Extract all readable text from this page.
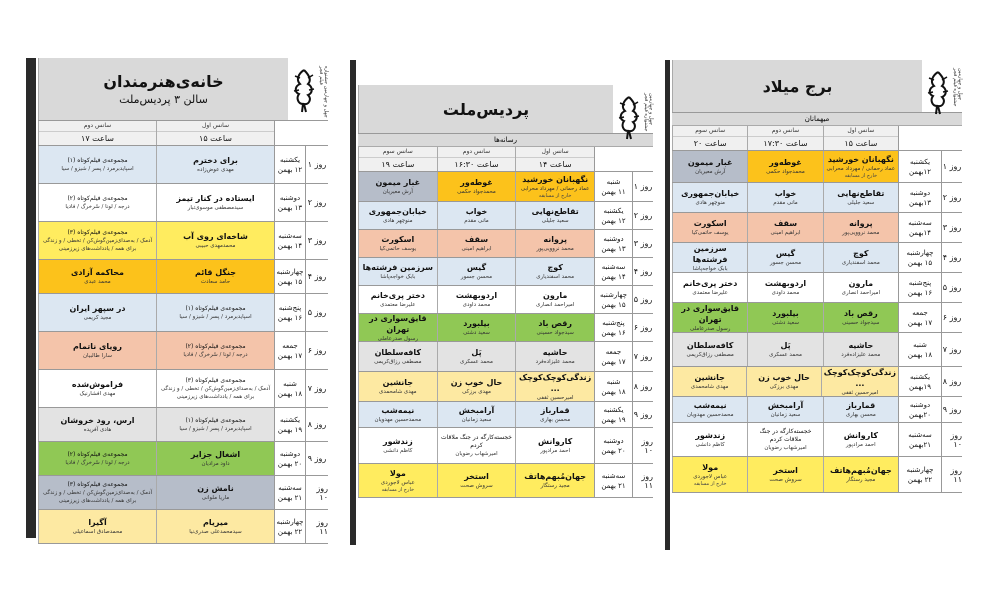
چهل و چهارمین جشنواره فیلم فجر
خانه‌ی‌هنرمندان
سالن ۳ پردیس‌ملت
سانس اول
ساعت ۱۵
سانس دوم
ساعت ۱۷
روز ۱
یکشنبه
۱۲ بهمن
برای دخترم
مهدی عوض‌زاده
مجموعه‌ی فیلم‌کوتاه (۱)
اسپاید‌برمرد / پسر / شیزو / سیا
روز ۲
دوشنبه
۱۳ بهمن
ایستاده در کنار تیمز
سیدمصطفی موسوی‌تبار
مجموعه‌ی فیلم‌کوتاه (۲)
درجه / لونا / سُرخرگ / فادیا
روز ۳
سه‌شنبه
۱۴ بهمن
شاخه‌ای روی آب
محمدمهدی حبیبی
مجموعه‌ی فیلم‌کوتاه (۳)
آدمک / به‌صدای‌زمین‌گوش‌کن / تخطی / و زندگی برای همه / یادداشت‌های زیرزمینی
روز ۴
چهارشنبه
۱۵ بهمن
جنگل قائم
حامد سعادت
محاکمه آزادی
محمد عبدی
روز ۵
پنج‌شنبه
۱۶ بهمن
مجموعه‌ی فیلم‌کوتاه (۱)
اسپاید‌برمرد / پسر / شیزو / سیا
در سپهر ایران
مجید کریمی
روز ۶
جمعه
۱۷ بهمن
مجموعه‌ی فیلم‌کوتاه (۲)
درجه / لونا / سُرخرگ / فادیا
رویای ناتمام
سارا طالبیان
روز ۷
شنبه
۱۸ بهمن
مجموعه‌ی فیلم‌کوتاه (۳)
آدمک / به‌صدای‌زمین‌گوش‌کن / تخطی / و زندگی برای همه / یادداشت‌های زیرزمینی
فراموش‌شده
مهدی افشارنیک
روز ۸
یکشنبه
۱۹ بهمن
مجموعه‌ی فیلم‌کوتاه (۱)
اسپاید‌برمرد / پسر / شیزو / سیا
ارس، رود خروشان
هادی آفریده
روز ۹
دوشنبه
۲۰ بهمن
اشغال جزایر
داود مرادیان
مجموعه‌ی فیلم‌کوتاه (۲)
درجه / لونا / سُرخرگ / فادیا
روز ۱۰
سه‌شنبه
۲۱ بهمن
نامش زن
ماریا ملوانی
مجموعه‌ی فیلم‌کوتاه (۳)
آدمک / به‌صدای‌زمین‌گوش‌کن / تخطی / و زندگی برای همه / یادداشت‌های زیرزمینی
روز ۱۱
چهارشنبه
۲۲ بهمن
میریام
سیدمحمدعلی صدری‌نیا
آگیرا
محمدصادق اسماعیلی
چهل و چهارمین جشنواره فیلم فجر
پردیس‌ملت
رسانه‌ها
سانس اول
ساعت ۱۴
سانس دوم
ساعت ۱۶:۳۰
سانس سوم
ساعت ۱۹
روز ۱
شنبه
۱۱ بهمن
نگهبانان خورشید
عماد رحمانی / مهرداد محرابی
خارج از مسابقه
غوطه‌ور
محمدجواد حکمی
غبار میمون
آرش معیریان
روز ۲
یکشنبه
۱۲ بهمن
تقاطع‌نهایی
سعید جلیلی
خواب
مانی مقدم
خیابان‌جمهوری
منوچهر هادی
روز ۳
دوشنبه
۱۳ بهمن
پروانه
محمد نروویی‌پور
سقف
ابراهیم امینی
اسکورت
یوسف حاتمی‌کیا
روز ۴
سه‌شنبه
۱۴ بهمن
کوچ
محمد اسفندیاری
گیس
محسن جسور
سرزمین فرشته‌ها
بابک خواجه‌پاشا
روز ۵
چهارشنبه
۱۵ بهمن
مارون
امیراحمد انصاری
اردوبهشت
محمد داودی
دختر پری‌خانم
علیرضا معتمدی
روز ۶
پنج‌شنبه
۱۶ بهمن
رقص باد
سیدجواد حسینی
بیلبورد
سعید دشتی
قایق‌سواری در تهران
رسول صدرعاملی
روز ۷
جمعه
۱۷ بهمن
حاشیه
محمد علیزاده‌فرد
پَل
محمد عسکری
کافه‌سلطان
مصطفی رزاق‌کریمی
روز ۸
شنبه
۱۸ بهمن
زندگی‌کوچک‌کوچک ...
امیرحسین ثقفی
حال خوب زن
مهدی برزکی
جانشین
مهدی شامحمدی
روز ۹
یکشنبه
۱۹ بهمن
قمارباز
محسن بهاری
آرامبخش
سعید زمانیان
نیمه‌شب
محمدحسین مهدویان
روز ۱۰
دوشنبه
۲۰ بهمن
کاروانش
احمد مرادپور
خجسته‌کارگه در جنگ ملاقات کردم
امیرشهاب رضویان
زندشور
کاظم دانشی
روز ۱۱
سه‌شنبه
۲۱ بهمن
جهان‌مُبهم‌هاتف
مجید رستگار
استخر
سروش صحت
مولا
عباس لاجوردی
خارج از مسابقه
چهل و چهارمین جشنواره فیلم فجر
برج میلاد
میهمانان
سانس اول
ساعت ۱۵
سانس دوم
ساعت ۱۷:۳۰
سانس سوم
ساعت ۲۰
روز ۱
یکشنبه
۱۲بهمن
نگهبانان خورشید
عماد رحمانی / مهرداد محرابی
خارج از مسابقه
غوطه‌ور
محمدجواد حکمی
غبار میمون
آرش معیریان
روز ۲
دوشنبه
۱۳بهمن
تقاطع‌نهایی
سعید جلیلی
خواب
مانی مقدم
خیابان‌جمهوری
منوچهر هادی
روز ۳
سه‌شنبه
۱۴بهمن
پروانه
محمد نروویی‌پور
سقف
ابراهیم امینی
اسکورت
یوسف حاتمی‌کیا
روز ۴
چهارشنبه
۱۵ بهمن
کوچ
محمد اسفندیاری
گیس
محسن جسور
سرزمین فرشته‌ها
بابک خواجه‌پاشا
روز ۵
پنج‌شنبه
۱۶ بهمن
مارون
امیراحمد انصاری
اردوبهشت
محمد داودی
دختر پری‌خانم
علیرضا معتمدی
روز ۶
جمعه
۱۷ بهمن
رقص باد
سیدجواد حسینی
بیلبورد
سعید دشتی
قایق‌سواری در تهران
رسول صدرعاملی
روز ۷
شنبه
۱۸ بهمن
حاشیه
محمد علیزاده‌فرد
پَل
محمد عسکری
کافه‌سلطان
مصطفی رزاق‌کریمی
روز ۸
یکشنبه
۱۹بهمن
زندگی‌کوچک‌کوچک ...
امیرحسین ثقفی
حال خوب زن
مهدی برزکی
جانشین
مهدی شامحمدی
روز ۹
دوشنبه
۲۰بهمن
قمارباز
محسن بهاری
آرامبخش
سعید زمانیان
نیمه‌شب
محمدحسین مهدویان
روز ۱۰
سه‌شنبه
۲۱بهمن
کاروانش
احمد مرادپور
خجسته‌کارگه در جنگ ملاقات کردم
امیرشهاب رضویان
زندشور
کاظم دانشی
روز ۱۱
چهارشنبه
۲۲ بهمن
جهان‌مُبهم‌هاتف
مجید رستگار
استخر
سروش صحت
مولا
عباس لاجوردی
خارج از مسابقه
